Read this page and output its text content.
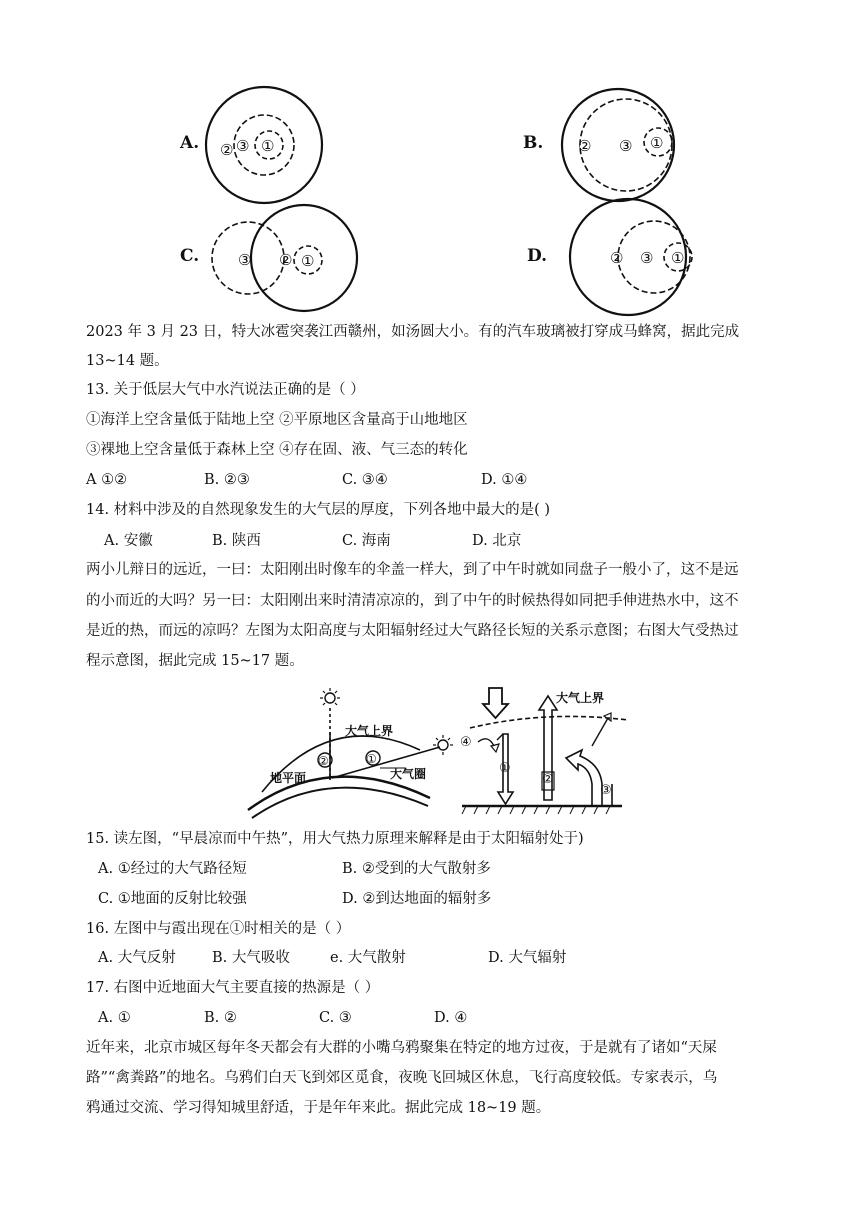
A.	B.
C.	D.
② ③ ①	② ③ ①
③ ② ①	② ③ ①
2023 年 3 月 23 日，特大冰雹突袭江西赣州，如汤圆大小。有的汽车玻璃被打穿成马蜂窝，据此完成
13~14 题。
13. 关于低层大气中水汽说法正确的是（ ）
①海洋上空含量低于陆地上空 ②平原地区含量高于山地地区
③裸地上空含量低于森林上空 ④存在固、液、气三态的转化
A ①②	B. ②③	C. ③④	D. ①④
14. 材料中涉及的自然现象发生的大气层的厚度，下列各地中最大的是( )
A. 安徽	B. 陕西	C. 海南	D. 北京
两小儿辩日的远近，一曰：太阳刚出时像车的伞盖一样大，到了中午时就如同盘子一般小了，这不是远
的小而近的大吗？另一曰：太阳刚出来时清清凉凉的，到了中午的时候热得如同把手伸进热水中，这不
是近的热，而远的凉吗？左图为太阳高度与太阳辐射经过大气路径长短的关系示意图；右图大气受热过
程示意图，据此完成 15~17 题。
大气上界
地平面	大气圈
②	①
大气上界
④
①
②
③
15. 读左图，“早晨凉而中午热”，用大气热力原理来解释是由于太阳辐射处于)
A. ①经过的大气路径短	B. ②受到的大气散射多
C. ①地面的反射比较强	D. ②到达地面的辐射多
16. 左图中与霞出现在①时相关的是（ ）
A. 大气反射	B. 大气吸收	e. 大气散射	D. 大气辐射
17. 右图中近地面大气主要直接的热源是（ ）
A. ①	B. ②	C. ③	D. ④
近年来，北京市城区每年冬天都会有大群的小嘴乌鸦聚集在特定的地方过夜，于是就有了诸如“天屎
路”“禽粪路”的地名。乌鸦们白天飞到郊区觅食，夜晚飞回城区休息，飞行高度较低。专家表示，乌
鸦通过交流、学习得知城里舒适，于是年年来此。据此完成 18~19 题。
